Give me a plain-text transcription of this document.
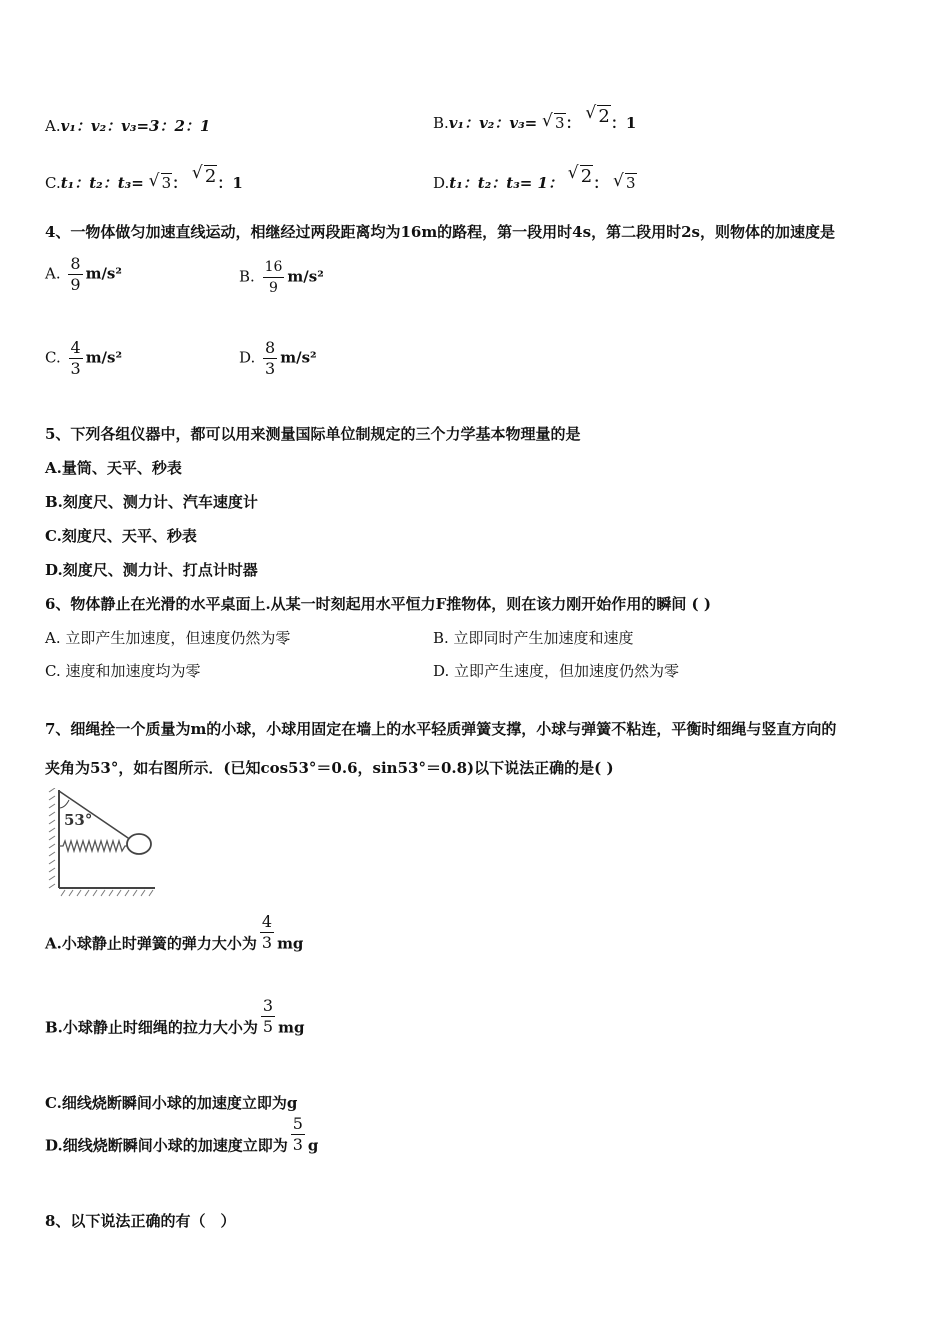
A.v₁：v₂：v₃=3：2：1	B.v₁：v₂：v₃= √ 3： √ 2：1
C.t₁：t₂：t₃= √ 3： √ 2：1	D.t₁：t₂：t₃= 1： √ 2： √ 3
4、一物体做匀加速直线运动，相继经过两段距离均为16m的路程，第一段用时4s，第二段用时2s，则物体的加速度是
A. $\frac{8}{9} m/s^2$	B. $\frac{16}{9} m/s^2$
C. $\frac{4}{3} m/s^2$	D. $\frac{8}{3} m/s^2$
5、下列各组仪器中，都可以用来测量国际单位制规定的三个力学基本物理量的是
A.量筒、天平、秒表
B.刻度尺、测力计、汽车速度计
C.刻度尺、天平、秒表
D.刻度尺、测力计、打点计时器
6、物体静止在光滑的水平桌面上.从某一时刻起用水平恒力F推物体，则在该力刚开始作用的瞬间 ( )
A. 立即产生加速度，但速度仍然为零	B. 立即同时产生加速度和速度
C. 速度和加速度均为零	D. 立即产生速度，但加速度仍然为零
7、细绳拴一个质量为m的小球，小球用固定在墙上的水平轻质弹簧支撑，小球与弹簧不粘连，平衡时细绳与竖直方向的
夹角为53°，如右图所示．(已知cos53°＝0.6，sin53°＝0.8)以下说法正确的是( )
53°
A.小球静止时弹簧的弹力大小为 $\frac{4}{3}$ mg
B.小球静止时细绳的拉力大小为 $\frac{3}{5}$ mg
C.细线烧断瞬间小球的加速度立即为g
D.细线烧断瞬间小球的加速度立即为 $\frac{5}{3}$ g
8、以下说法正确的有（　）
